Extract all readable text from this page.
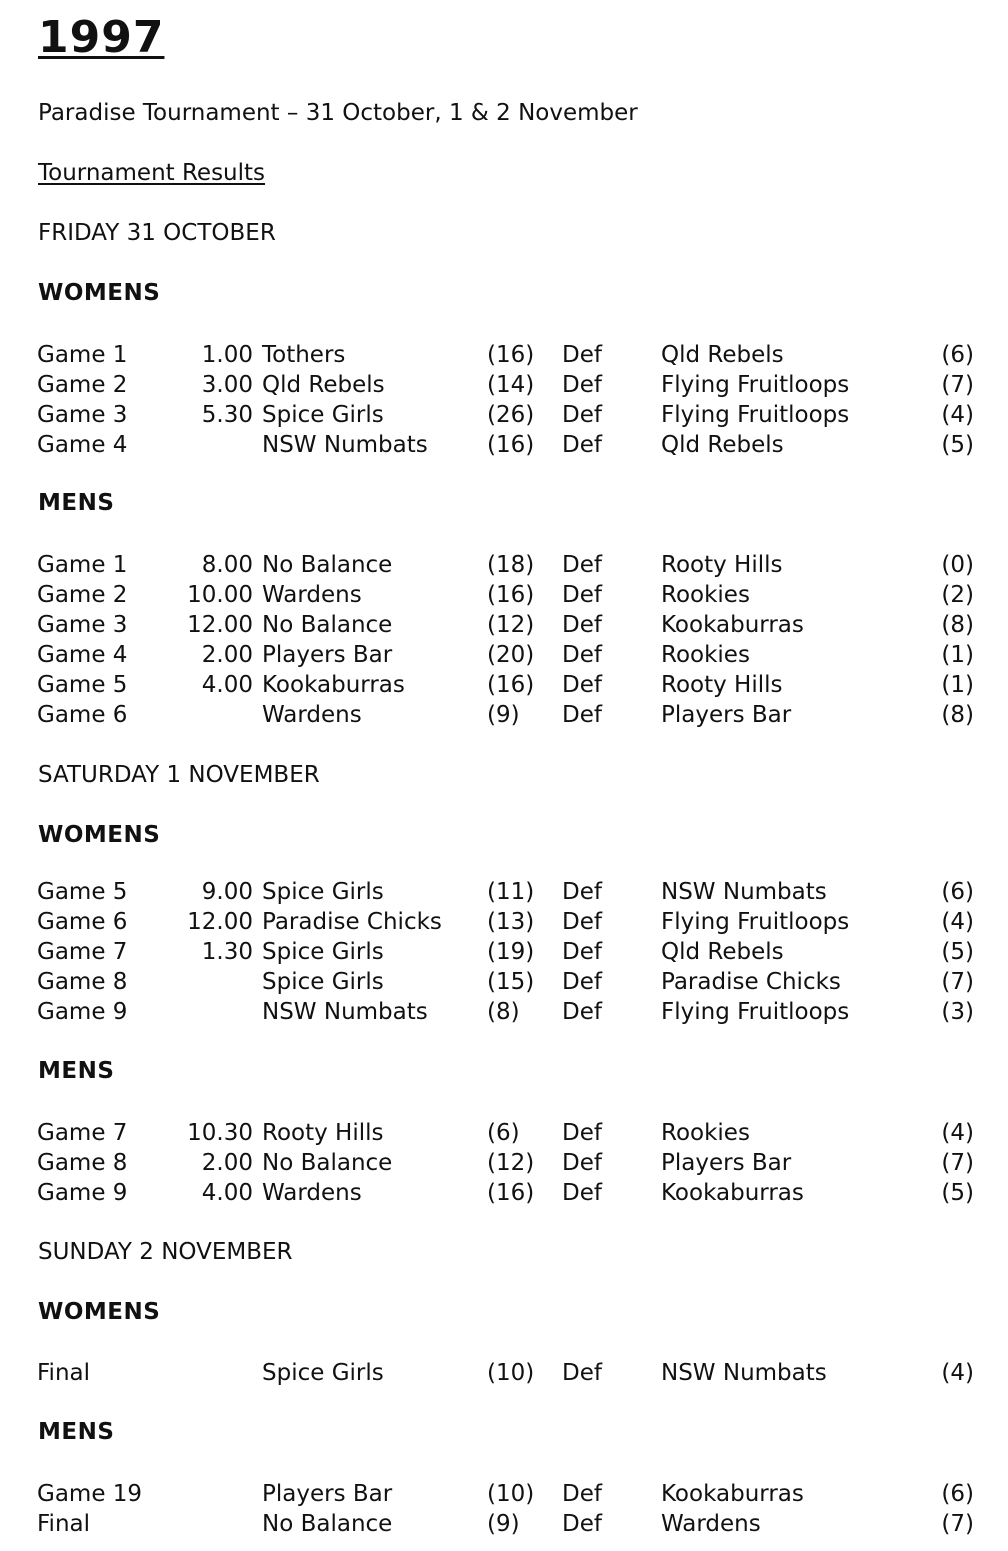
1997
Paradise Tournament – 31 October, 1 & 2 November
Tournament Results
FRIDAY 31 OCTOBER
WOMENS
Game 1	1.00 Tothers	(16) Def	Qld Rebels	(6)
Game 2	3.00 Qld Rebels	(14) Def	Flying Fruitloops	(7)
Game 3	5.30 Spice Girls	(26) Def	Flying Fruitloops	(4)
Game 4	NSW Numbats	(16) Def	Qld Rebels	(5)
MENS
Game 1	8.00 No Balance	(18) Def	Rooty Hills	(0)
Game 2	10.00 Wardens	(16) Def	Rookies	(2)
Game 3	12.00 No Balance	(12) Def	Kookaburras	(8)
Game 4	2.00 Players Bar	(20) Def	Rookies	(1)
Game 5	4.00 Kookaburras	(16) Def	Rooty Hills	(1)
Game 6	Wardens	(9) Def	Players Bar	(8)
SATURDAY 1 NOVEMBER
WOMENS
Game 5	9.00 Spice Girls	(11) Def	NSW Numbats	(6)
Game 6	12.00 Paradise Chicks (13) Def	Flying Fruitloops	(4)
Game 7	1.30 Spice Girls	(19) Def	Qld Rebels	(5)
Game 8	Spice Girls	(15) Def	Paradise Chicks	(7)
Game 9	NSW Numbats	(8) Def	Flying Fruitloops	(3)
MENS
Game 7	10.30 Rooty Hills	(6) Def	Rookies	(4)
Game 8	2.00 No Balance	(12) Def	Players Bar	(7)
Game 9	4.00 Wardens	(16) Def	Kookaburras	(5)
SUNDAY 2 NOVEMBER
WOMENS
Final	Spice Girls	(10) Def	NSW Numbats	(4)
MENS
Game 19	Players Bar	(10) Def	Kookaburras	(6)
Final	No Balance	(9) Def	Wardens	(7)
